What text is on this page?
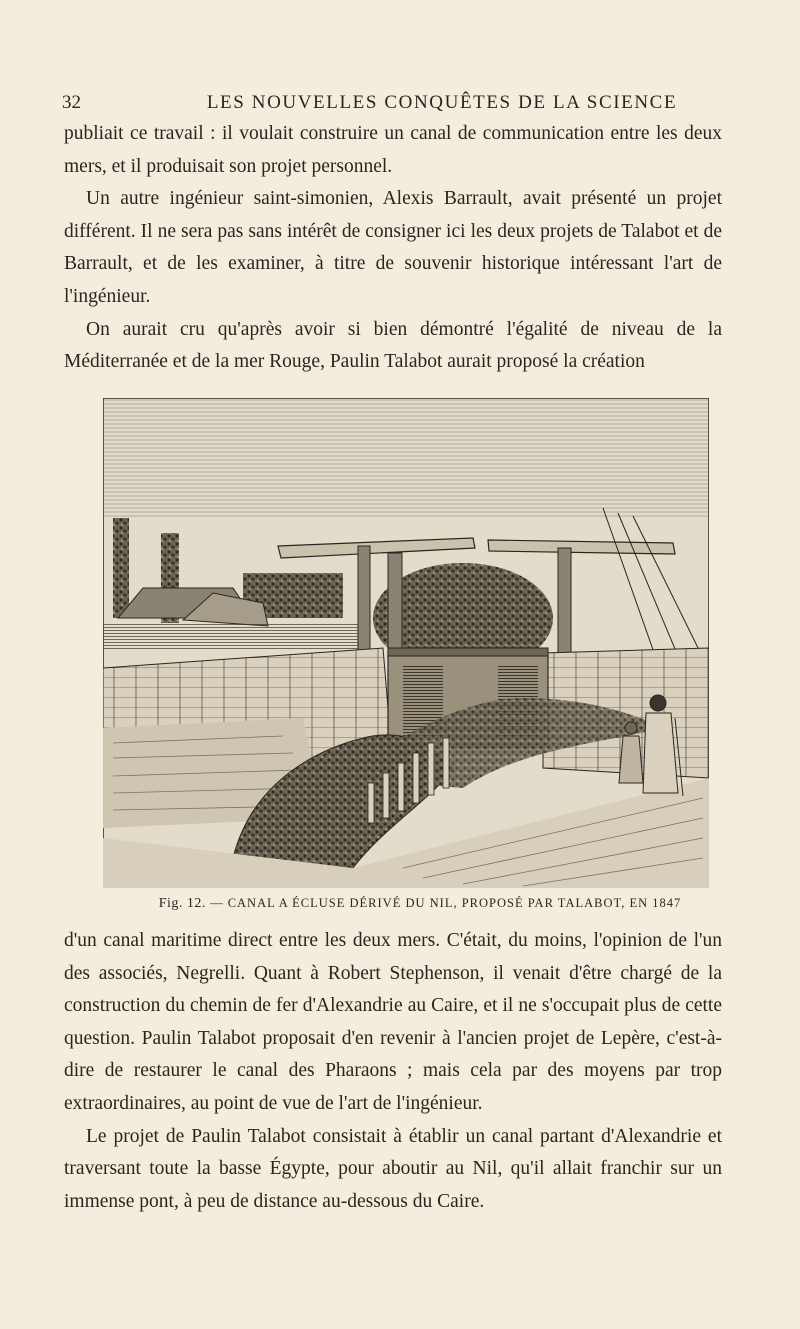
32	LES NOUVELLES CONQUÊTES DE LA SCIENCE

publiait ce travail : il voulait construire un canal de communication entre les deux mers, et il produisait son projet personnel.

Un autre ingénieur saint-simonien, Alexis Barrault, avait présenté un projet différent. Il ne sera pas sans intérêt de consigner ici les deux projets de Talabot et de Barrault, et de les examiner, à titre de souvenir historique intéressant l'art de l'ingénieur.

On aurait cru qu'après avoir si bien démontré l'égalité de niveau de la Méditerranée et de la mer Rouge, Paulin Talabot aurait proposé la création

Fig. 12. — CANAL A ÉCLUSE DÉRIVÉ DU NIL, PROPOSÉ PAR TALABOT, EN 1847

d'un canal maritime direct entre les deux mers. C'était, du moins, l'opinion de l'un des associés, Negrelli. Quant à Robert Stephenson, il venait d'être chargé de la construction du chemin de fer d'Alexandrie au Caire, et il ne s'occupait plus de cette question. Paulin Talabot proposait d'en revenir à l'ancien projet de Lepère, c'est-à-dire de restaurer le canal des Pharaons ; mais cela par des moyens par trop extraordinaires, au point de vue de l'art de l'ingénieur.

Le projet de Paulin Talabot consistait à établir un canal partant d'Alexandrie et traversant toute la basse Égypte, pour aboutir au Nil, qu'il allait franchir sur un immense pont, à peu de distance au-dessous du Caire.
